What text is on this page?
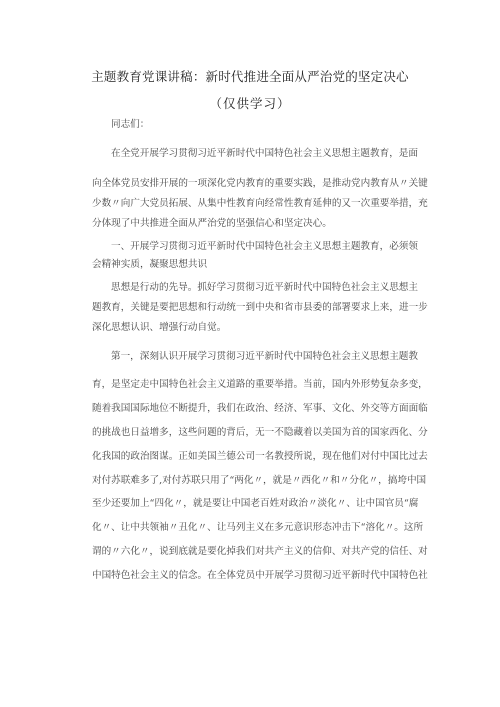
主题教育党课讲稿：新时代推进全面从严治党的坚定决心
（仅供学习）
同志们：
在全党开展学习贯彻习近平新时代中国特色社会主义思想主题教育，是面
向全体党员安排开展的一项深化党内教育的重要实践，是推动党内教育从〃关键
少数〃向广大党员拓展、从集中性教育向经常性教育延伸的又一次重要举措，充
分体现了中共推进全面从严治党的坚强信心和坚定决心。
一、开展学习贯彻习近平新时代中国特色社会主义思想主题教育，必须领
会精神实质，凝聚思想共识
思想是行动的先导。抓好学习贯彻习近平新时代中国特色社会主义思想主
题教育，关键是要把思想和行动统一到中央和省市县委的部署要求上来，进一步
深化思想认识、增强行动自觉。
第一，深刻认识开展学习贯彻习近平新时代中国特色社会主义思想主题教
育，是坚定走中国特色社会主义道路的重要举措。当前，国内外形势复杂多变，
随着我国国际地位不断提升，我们在政治、经济、军事、文化、外交等方面面临
的挑战也日益增多，这些问题的背后，无一不隐藏着以美国为首的国家西化、分
化我国的政治图谋。正如美国兰德公司一名教授所说，现在他们对付中国比过去
对付苏联难多了,对付苏联只用了“两化〃，就是〃西化〃和〃分化〃，搞垮中国
至少还要加上“四化〃，就是要让中国老百姓对政治〃淡化〃、让中国官员“腐
化〃、让中共领袖〃丑化〃、让马列主义在多元意识形态冲击下“溶化〃。这所
谓的〃六化〃，说到底就是要化掉我们对共产主义的信仰、对共产党的信任、对
中国特色社会主义的信念。在全体党员中开展学习贯彻习近平新时代中国特色社
